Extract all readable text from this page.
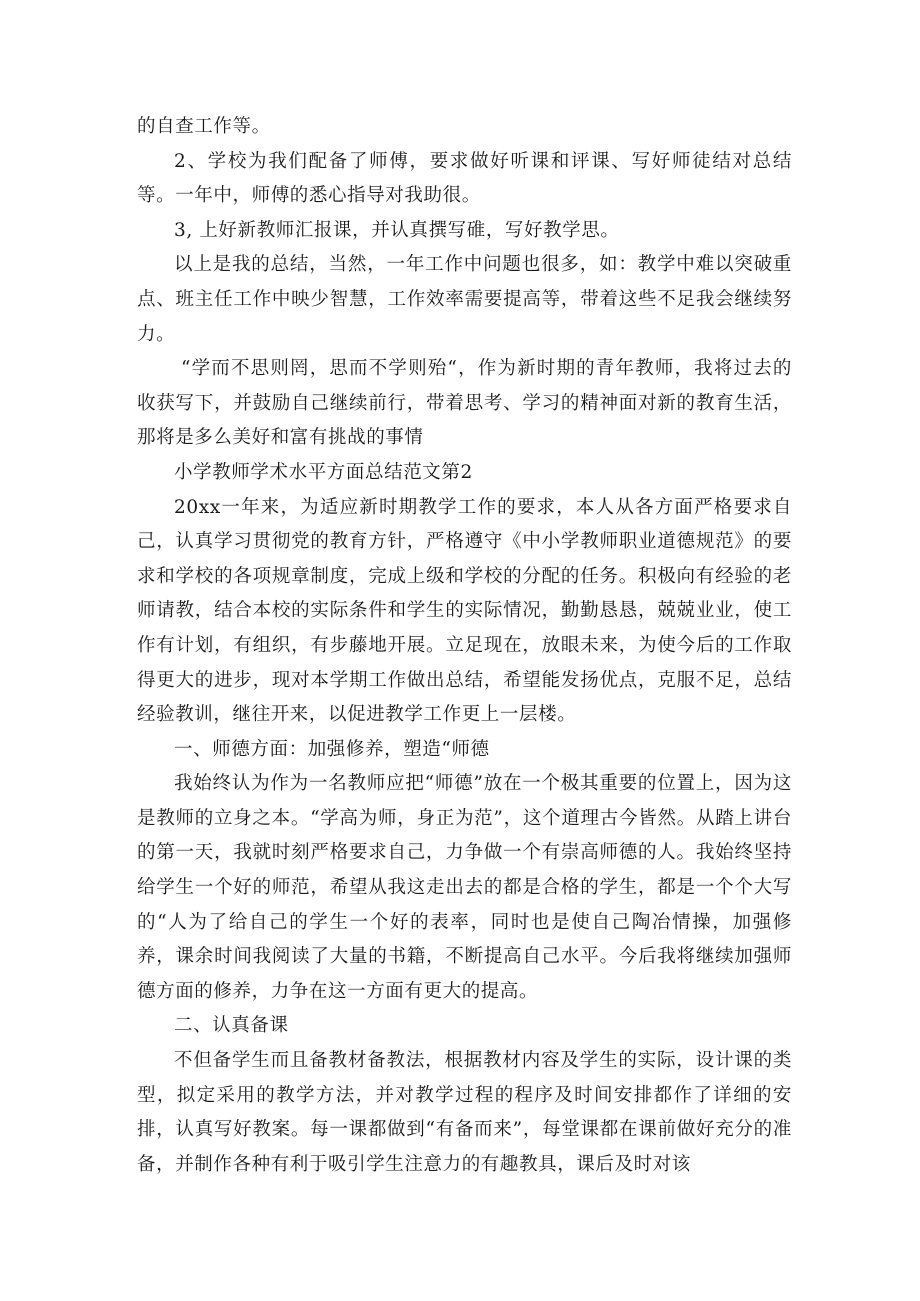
的自查工作等。

2、学校为我们配备了师傅，要求做好听课和评课、写好师徒结对总结等。一年中，师傅的悉心指导对我助很。

3, 上好新教师汇报课，并认真撰写碓，写好教学思。

以上是我的总结，当然，一年工作中问题也很多，如：教学中难以突破重点、班主任工作中映少智慧，工作效率需要提高等，带着这些不足我会继续努力。

“学而不思则罔，思而不学则殆“，作为新时期的青年教师，我将过去的收获写下，并鼓励自己继续前行，带着思考、学习的精神面对新的教育生活，那将是多么美好和富有挑战的事情

小学教师学术水平方面总结范文第2

20xx一年来，为适应新时期教学工作的要求，本人从各方面严格要求自己，认真学习贯彻党的教育方针，严格遵守《中小学教师职业道德规范》的要求和学校的各项规章制度，完成上级和学校的分配的任务。积极向有经验的老师请教，结合本校的实际条件和学生的实际情况，勤勤恳恳，兢兢业业，使工作有计划，有组织，有步藤地开展。立足现在，放眼未来，为使今后的工作取得更大的进步，现对本学期工作做出总结，希望能发扬优点，克服不足，总结经验教训，继往开来，以促进教学工作更上一层楼。

一、师德方面：加强修养，塑造“师德

我始终认为作为一名教师应把“师德”放在一个极其重要的位置上，因为这是教师的立身之本。“学高为师，身正为范”，这个道理古今皆然。从踏上讲台的第一天，我就时刻严格要求自己，力争做一个有崇高师德的人。我始终坚持给学生一个好的师范，希望从我这走出去的都是合格的学生，都是一个个大写的“人为了给自己的学生一个好的表率，同时也是使自己陶冶情操，加强修养，课余时间我阅读了大量的书籍，不断提高自己水平。今后我将继续加强师德方面的修养，力争在这一方面有更大的提高。

二、认真备课

不但备学生而且备教材备教法，根据教材内容及学生的实际，设计课的类型，拟定采用的教学方法，并对教学过程的程序及时间安排都作了详细的安排，认真写好教案。每一课都做到“有备而来”，每堂课都在课前做好充分的准备，并制作各种有利于吸引学生注意力的有趣教具，课后及时对该
